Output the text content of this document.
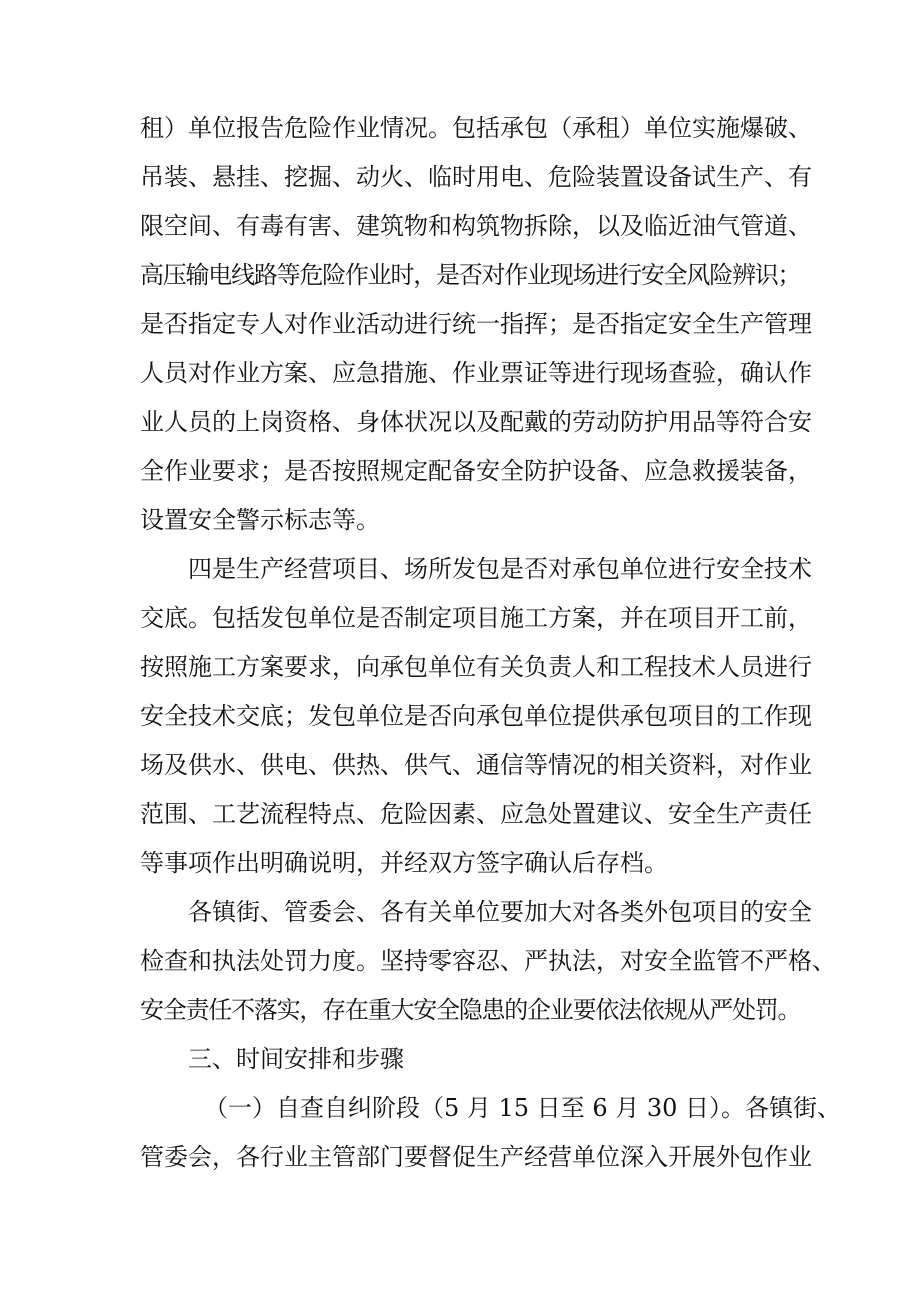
租）单位报告危险作业情况。包括承包（承租）单位实施爆破、
吊装、悬挂、挖掘、动火、临时用电、危险装置设备试生产、有
限空间、有毒有害、建筑物和构筑物拆除，以及临近油气管道、
高压输电线路等危险作业时，是否对作业现场进行安全风险辨识；
是否指定专人对作业活动进行统一指挥；是否指定安全生产管理
人员对作业方案、应急措施、作业票证等进行现场查验，确认作
业人员的上岗资格、身体状况以及配戴的劳动防护用品等符合安
全作业要求；是否按照规定配备安全防护设备、应急救援装备，
设置安全警示标志等。
四是生产经营项目、场所发包是否对承包单位进行安全技术
交底。包括发包单位是否制定项目施工方案，并在项目开工前，
按照施工方案要求，向承包单位有关负责人和工程技术人员进行
安全技术交底；发包单位是否向承包单位提供承包项目的工作现
场及供水、供电、供热、供气、通信等情况的相关资料，对作业
范围、工艺流程特点、危险因素、应急处置建议、安全生产责任
等事项作出明确说明，并经双方签字确认后存档。
各镇街、管委会、各有关单位要加大对各类外包项目的安全
检查和执法处罚力度。坚持零容忍、严执法，对安全监管不严格、
安全责任不落实，存在重大安全隐患的企业要依法依规从严处罚。
三、时间安排和步骤
（一）自查自纠阶段（5 月 15 日至 6 月 30 日）。各镇街、
管委会，各行业主管部门要督促生产经营单位深入开展外包作业
